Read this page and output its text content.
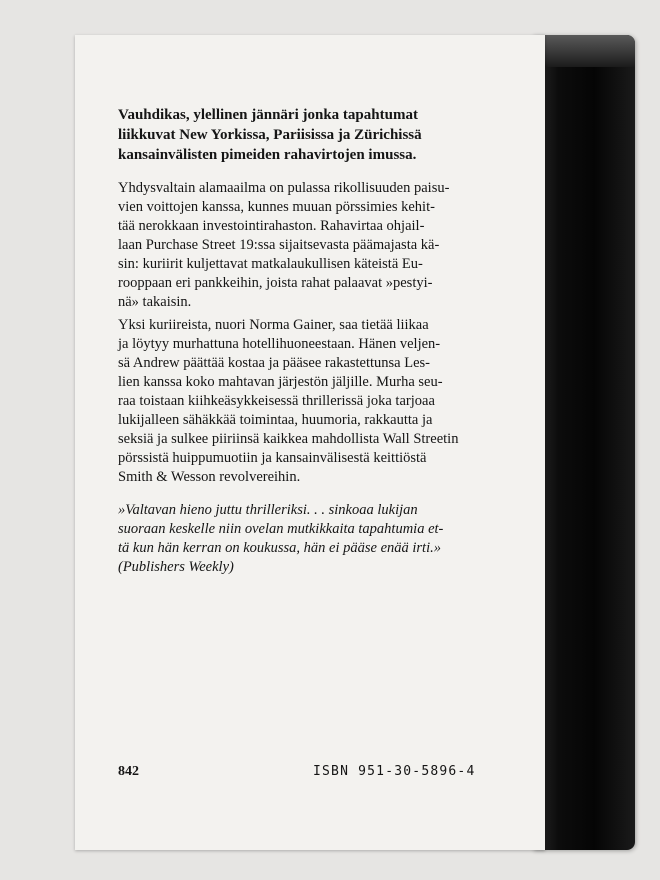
Vauhdikas, ylellinen jännäri jonka tapahtumat
liikkuvat New Yorkissa, Pariisissa ja Zürichissä
kansainvälisten pimeiden rahavirtojen imussa.

Yhdysvaltain alamaailma on pulassa rikollisuuden paisu-
vien voittojen kanssa, kunnes muuan pörssimies kehit-
tää nerokkaan investointirahaston. Rahavirtaa ohjail-
laan Purchase Street 19:ssa sijaitsevasta päämajasta kä-
sin: kuriirit kuljettavat matkalaukullisen käteistä Eu-
rooppaan eri pankkeihin, joista rahat palaavat »pestyi-
nä» takaisin.

Yksi kuriireista, nuori Norma Gainer, saa tietää liikaa
ja löytyy murhattuna hotellihuoneestaan. Hänen veljen-
sä Andrew päättää kostaa ja pääsee rakastettunsa Les-
lien kanssa koko mahtavan järjestön jäljille. Murha seu-
raa toistaan kiihkeäsykkeisessä thrillerissä joka tarjoaa
lukijalleen sähäkkää toimintaa, huumoria, rakkautta ja
seksiä ja sulkee piiriinsä kaikkea mahdollista Wall Streetin
pörssistä huippumuotiin ja kansainvälisestä keittiöstä
Smith & Wesson revolvereihin.

»Valtavan hieno juttu thrilleriksi. . . sinkoaa lukijan
suoraan keskelle niin ovelan mutkikkaita tapahtumia et-
tä kun hän kerran on koukussa, hän ei pääse enää irti.»
(Publishers Weekly)

842	ISBN 951-30-5896-4
